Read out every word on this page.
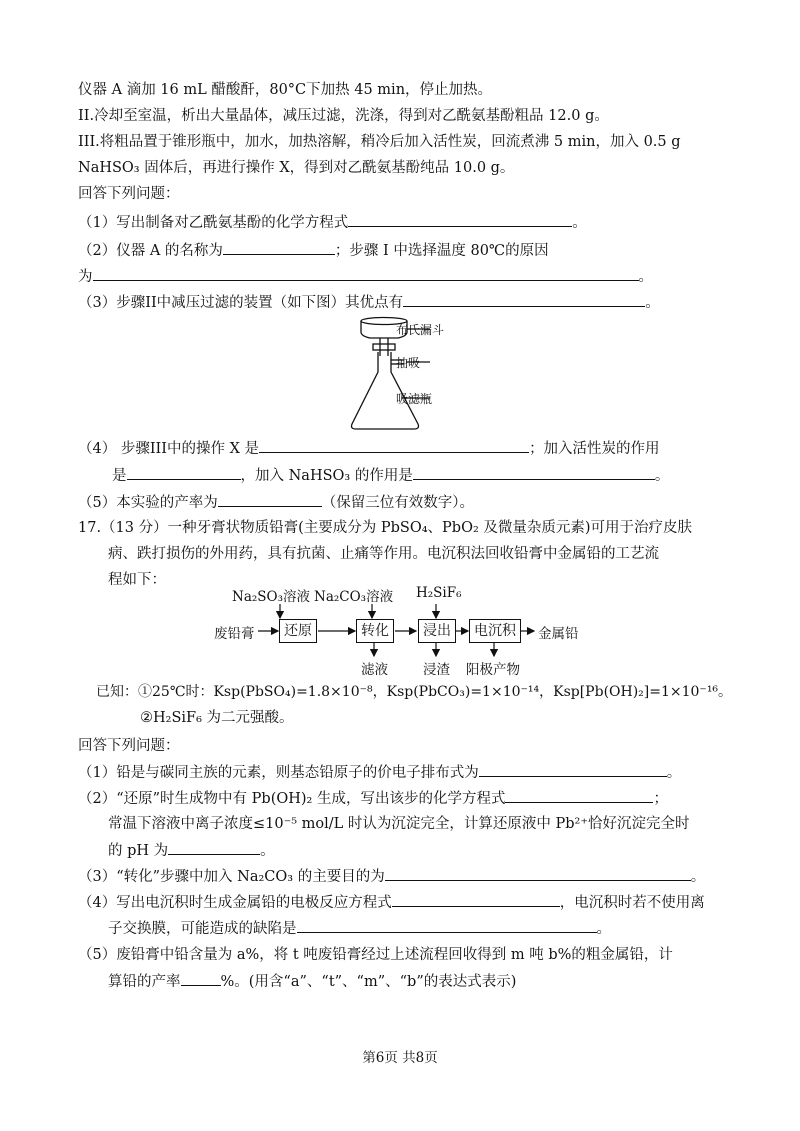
仪器 A 滴加 16 mL 醋酸酐，80°C下加热 45 min，停止加热。
II.冷却至室温，析出大量晶体，减压过滤，洗涤，得到对乙酰氨基酚粗品 12.0 g。
III.将粗品置于锥形瓶中，加水，加热溶解，稍冷后加入活性炭，回流煮沸 5 min，加入 0.5 g
NaHSO₃ 固体后，再进行操作 X，得到对乙酰氨基酚纯品 10.0 g。
回答下列问题：
（1）写出制备对乙酰氨基酚的化学方程式	。
（2）仪器 A 的名称为	；步骤 I 中选择温度 80℃的原因
为	。
（3）步骤II中减压过滤的装置（如下图）其优点有	。
布氏漏斗
抽吸
吸滤瓶
（4） 步骤III中的操作 X 是	；加入活性炭的作用
是	，加入 NaHSO₃ 的作用是	。
（5）本实验的产率为	（保留三位有效数字）。
17.（13 分）一种牙膏状物质铅膏(主要成分为 PbSO₄、PbO₂ 及微量杂质元素)可用于治疗皮肤
病、跌打损伤的外用药，具有抗菌、止痛等作用。电沉积法回收铅膏中金属铅的工艺流
程如下：
Na₂SO₃溶液 Na₂CO₃溶液 H₂SiF₆
废铅膏	还原	转化	浸出	电沉积	金属铅
滤液	浸渣 阳极产物
已知：①25℃时：Ksp(PbSO₄)=1.8×10⁻⁸，Ksp(PbCO₃)=1×10⁻¹⁴，Ksp[Pb(OH)₂]=1×10⁻¹⁶。
②H₂SiF₆ 为二元强酸。
回答下列问题：
（1）铅是与碳同主族的元素，则基态铅原子的价电子排布式为	。
（2）“还原”时生成物中有 Pb(OH)₂ 生成，写出该步的化学方程式	；
常温下溶液中离子浓度≤10⁻⁵ mol/L 时认为沉淀完全，计算还原液中 Pb²⁺恰好沉淀完全时
的 pH 为	。
（3）“转化”步骤中加入 Na₂CO₃ 的主要目的为	。
（4）写出电沉积时生成金属铅的电极反应方程式	，电沉积时若不使用离
子交换膜，可能造成的缺陷是	。
（5）废铅膏中铅含量为 a%，将 t 吨废铅膏经过上述流程回收得到 m 吨 b%的粗金属铅，计
算铅的产率	%。(用含“a”、“t”、“m”、“b”的表达式表示)
第6页 共8页
